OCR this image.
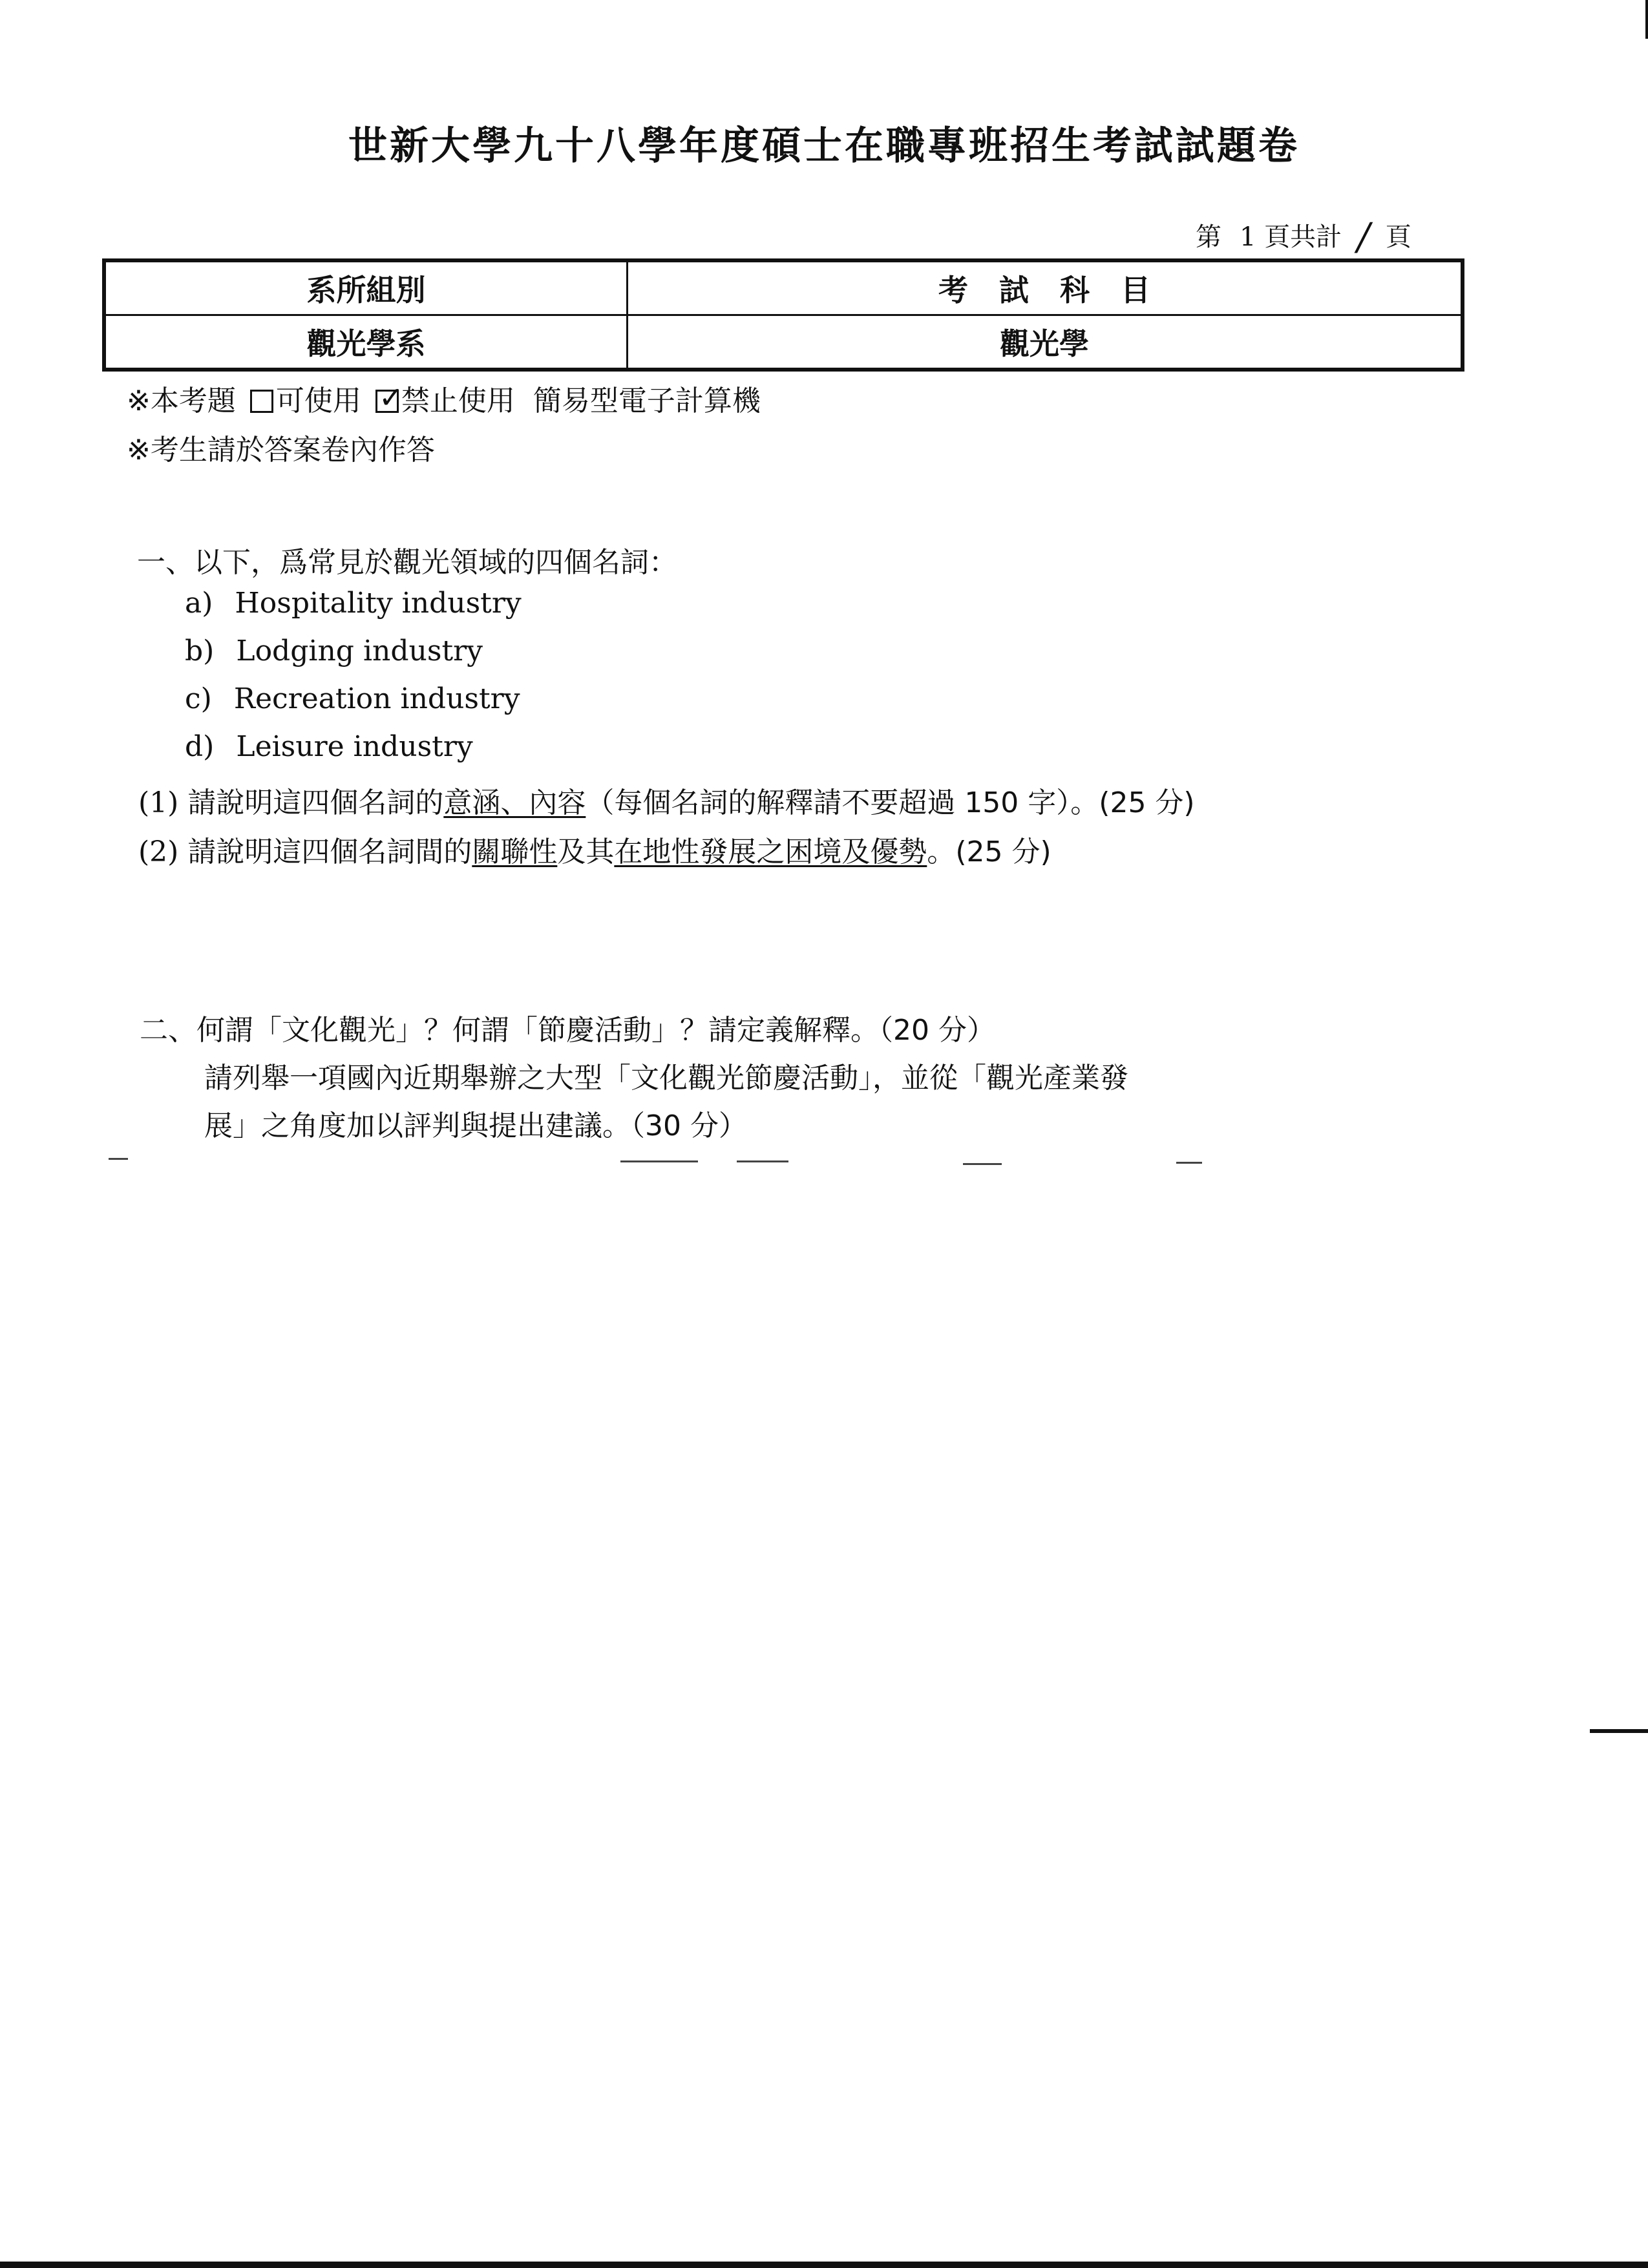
世新大學九十八學年度碩士在職專班招生考試試題卷
第 1 頁共計 / 頁
系所組別	考試科目
觀光學系	觀光學
※本考題 可使用 ✓
禁止使用 簡易型電子計算機
※考生請於答案卷內作答
一、以下，爲常見於觀光領域的四個名詞：
a) Hospitality industry
b) Lodging industry
c) Recreation industry
d) Leisure industry
(1) 請說明這四個名詞的意涵、內容（每個名詞的解釋請不要超過 150 字）。(25 分)
(2) 請說明這四個名詞間的關聯性及其在地性發展之困境及優勢。(25 分)
二、何謂「文化觀光」？何謂「節慶活動」？請定義解釋。（20 分）
請列舉一項國內近期舉辦之大型「文化觀光節慶活動」，並從「觀光產業發
展」之角度加以評判與提出建議。（30 分）
